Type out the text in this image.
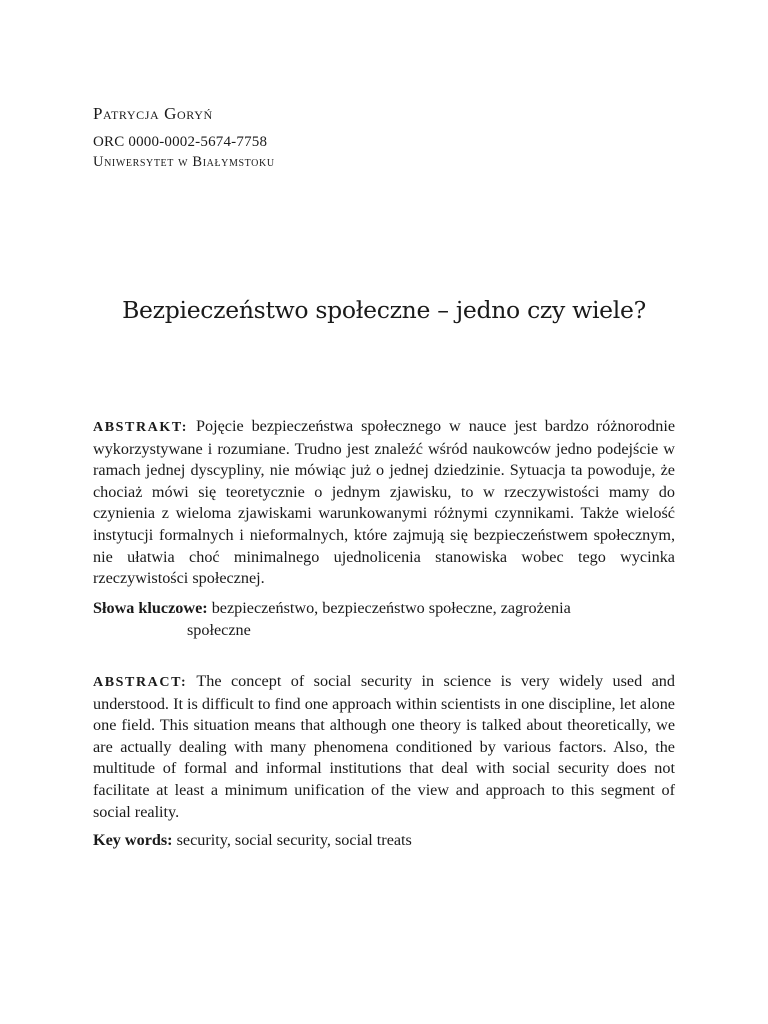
Patrycja Goryń
ORC 0000-0002-5674-7758
Uniwersytet w Białymstoku
Bezpieczeństwo społeczne – jedno czy wiele?
ABSTRAKT: Pojęcie bezpieczeństwa społecznego w nauce jest bardzo różnorodnie wykorzystywane i rozumiane. Trudno jest znaleźć wśród naukowców jedno podejście w ramach jednej dyscypliny, nie mówiąc już o jednej dziedzinie. Sytuacja ta powoduje, że chociaż mówi się teoretycznie o jednym zjawisku, to w rzeczywistości mamy do czynienia z wieloma zjawiskami warunkowanymi różnymi czynnikami. Także wielość instytucji formalnych i nieformalnych, które zajmują się bezpieczeństwem społecznym, nie ułatwia choć minimalnego ujednolicenia stanowiska wobec tego wycinka rzeczywistości społecznej.
Słowa kluczowe: bezpieczeństwo, bezpieczeństwo społeczne, zagrożenia
społeczne
ABSTRACT: The concept of social security in science is very widely used and understood. It is difficult to find one approach within scientists in one discipline, let alone one field. This situation means that although one theory is talked about theoretically, we are actually dealing with many phenomena conditioned by various factors. Also, the multitude of formal and informal institutions that deal with social security does not facilitate at least a minimum unification of the view and approach to this segment of social reality.
Key words: security, social security, social treats
